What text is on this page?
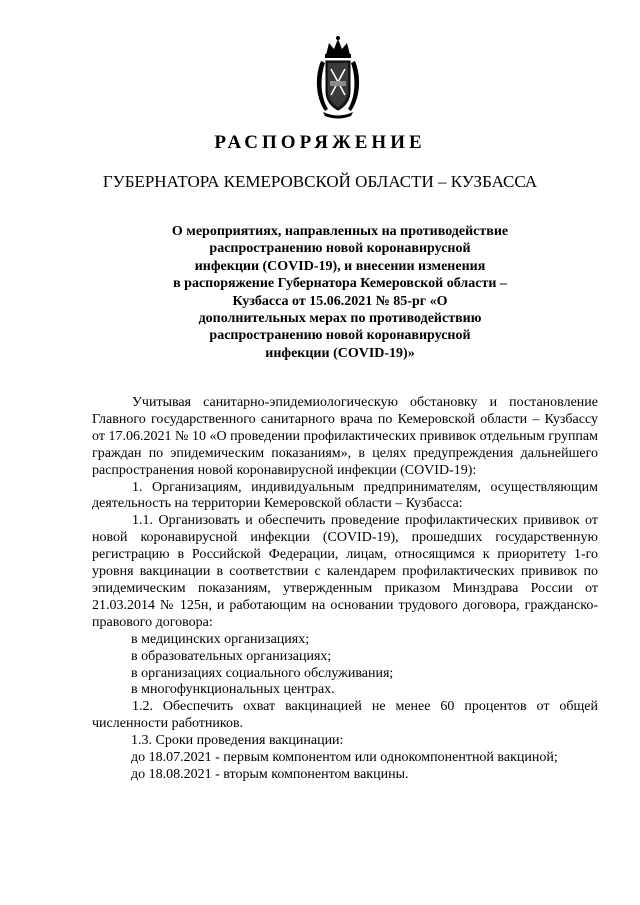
РАСПОРЯЖЕНИЕ
ГУБЕРНАТОРА КЕМЕРОВСКОЙ ОБЛАСТИ – КУЗБАССА
О мероприятиях, направленных на противодействие
распространению новой коронавирусной
инфекции (COVID-19), и внесении изменения
в распоряжение Губернатора Кемеровской области –
Кузбасса от 15.06.2021 № 85-рг «О
дополнительных мерах по противодействию
распространению новой коронавирусной
инфекции (COVID-19)»

Учитывая санитарно-эпидемиологическую обстановку и постановление Главного государственного санитарного врача по Кемеровской области – Кузбассу от 17.06.2021 № 10 «О проведении профилактических прививок отдельным группам граждан по эпидемическим показаниям», в целях предупреждения дальнейшего распространения новой коронавирусной инфекции (COVID-19):

1. Организациям, индивидуальным предпринимателям, осуществляющим деятельность на территории Кемеровской области – Кузбасса:

1.1. Организовать и обеспечить проведение профилактических прививок от новой коронавирусной инфекции (COVID-19), прошедших государственную регистрацию в Российской Федерации, лицам, относящимся к приоритету 1-го уровня вакцинации в соответствии с календарем профилактических прививок по эпидемическим показаниям, утвержденным приказом Минздрава России от 21.03.2014 № 125н, и работающим на основании трудового договора, гражданско-правового договора:

в медицинских организациях;

в образовательных организациях;

в организациях социального обслуживания;

в многофункциональных центрах.

1.2. Обеспечить охват вакцинацией не менее 60 процентов от общей численности работников.

1.3. Сроки проведения вакцинации:

до 18.07.2021 - первым компонентом или однокомпонентной вакциной;

до 18.08.2021 - вторым компонентом вакцины.
